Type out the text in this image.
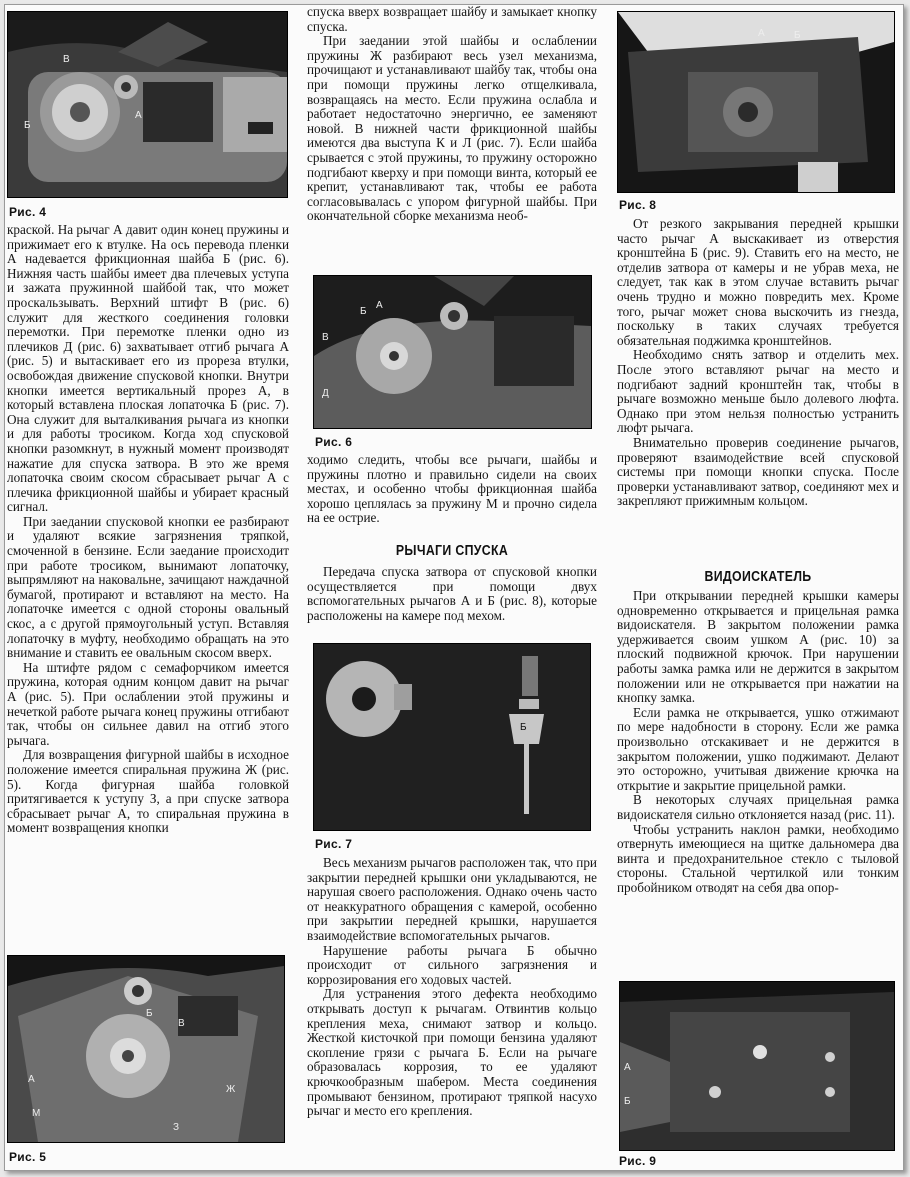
В
А
Б
Рис. 4

краской. На рычаг А давит один конец пружины и прижимает его к втулке. На ось перевода пленки А надевается фрикционная шайба Б (рис. 6). Нижняя часть шайбы имеет два плечевых уступа и зажата пружинной шайбой так, что может проскальзывать. Верхний штифт В (рис. 6) служит для жесткого соединения головки перемотки. При перемотке пленки одно из плечиков Д (рис. 6) захватывает отгиб рычага А (рис. 5) и вытаскивает его из прореза втулки, освобождая движение спусковой кнопки. Внутри кнопки имеется вертикальный прорез А, в который вставлена плоская лопаточка Б (рис. 7). Она служит для выталкивания рычага из кнопки и для работы тросиком. Когда ход спусковой кнопки разомкнут, в нужный момент производят нажатие для спуска затвора. В это же время лопаточка своим скосом сбрасывает рычаг А с плечика фрикционной шайбы и убирает красный сигнал.

При заедании спусковой кнопки ее разбирают и удаляют всякие загрязнения тряпкой, смоченной в бензине. Если заедание происходит при работе тросиком, вынимают лопаточку, выпрямляют на наковальне, зачищают наждачной бумагой, протирают и вставляют на место. На лопаточке имеется с одной стороны овальный скос, а с другой прямоугольный уступ. Вставляя лопаточку в муфту, необходимо обращать на это внимание и ставить ее овальным скосом вверх.

На штифте рядом с семафорчиком имеется пружина, которая одним концом давит на рычаг А (рис. 5). При ослаблении этой пружины и нечеткой работе рычага конец пружины отгибают так, чтобы он сильнее давил на отгиб этого рычага.

Для возвращения фигурной шайбы в исходное положение имеется спиральная пружина Ж (рис. 5). Когда фигурная шайба головкой притягивается к уступу З, а при спуске затвора сбрасывает рычаг А, то спиральная пружина в момент возвращения кнопки

Б
В
А
Ж
М
З
Рис. 5

спуска вверх возвращает шайбу и замыкает кнопку спуска.

При заедании этой шайбы и ослаблении пружины Ж разбирают весь узел механизма, прочищают и устанавливают шайбу так, чтобы она при помощи пружины легко отщелкивала, возвращаясь на место. Если пружина ослабла и работает недостаточно энергично, ее заменяют новой. В нижней части фрикционной шайбы имеются два выступа К и Л (рис. 7). Если шайба срывается с этой пружины, то пружину осторожно подгибают кверху и при помощи винта, который ее крепит, устанавливают так, чтобы ее работа согласовывалась с упором фигурной шайбы. При окончательной сборке механизма необ-

Б
А
В
Д
Рис. 6

ходимо следить, чтобы все рычаги, шайбы и пружины плотно и правильно сидели на своих местах, и особенно чтобы фрикционная шайба хорошо цеплялась за пружину М и прочно сидела на ее острие.

РЫЧАГИ СПУСКА

Передача спуска затвора от спусковой кнопки осуществляется при помощи двух вспомогательных рычагов А и Б (рис. 8), которые расположены на камере под мехом.

Б
Рис. 7

Весь механизм рычагов расположен так, что при закрытии передней крышки они укладываются, не нарушая своего расположения. Однако очень часто от неаккуратного обращения с камерой, особенно при закрытии передней крышки, нарушается взаимодействие вспомогательных рычагов.

Нарушение работы рычага Б обычно происходит от сильного загрязнения и коррозирования его ходовых частей.

Для устранения этого дефекта необходимо открывать доступ к рычагам. Отвинтив кольцо крепления меха, снимают затвор и кольцо. Жесткой кисточкой при помощи бензина удаляют скопление грязи с рычага Б. Если на рычаге образовалась коррозия, то ее удаляют крючкообразным шабером. Места соединения промывают бензином, протирают тряпкой насухо рычаг и место его крепления.

А	Б
Рис. 8

От резкого закрывания передней крышки часто рычаг А выскакивает из отверстия кронштейна Б (рис. 9). Ставить его на место, не отделив затвора от камеры и не убрав меха, не следует, так как в этом случае вставить рычаг очень трудно и можно повредить мех. Кроме того, рычаг может снова выскочить из гнезда, поскольку в таких случаях требуется обязательная поджимка кронштейнов.

Необходимо снять затвор и отделить мех. После этого вставляют рычаг на место и подгибают задний кронштейн так, чтобы в рычаге возможно меньше было долевого люфта. Однако при этом нельзя полностью устранить люфт рычага.

Внимательно проверив соединение рычагов, проверяют взаимодействие всей спусковой системы при помощи кнопки спуска. После проверки устанавливают затвор, соединяют мех и закрепляют прижимным кольцом.

ВИДОИСКАТЕЛЬ

При открывании передней крышки камеры одновременно открывается и прицельная рамка видоискателя. В закрытом положении рамка удерживается своим ушком А (рис. 10) за плоский подвижной крючок. При нарушении работы замка рамка или не держится в закрытом положении или не открывается при нажатии на кнопку замка.

Если рамка не открывается, ушко отжимают по мере надобности в сторону. Если же рамка произвольно отскакивает и не держится в закрытом положении, ушко поджимают. Делают это осторожно, учитывая движение крючка на открытие и закрытие прицельной рамки.

В некоторых случаях прицельная рамка видоискателя сильно отклоняется назад (рис. 11).

Чтобы устранить наклон рамки, необходимо отвернуть имеющиеся на щитке дальномера два винта и предохранительное стекло с тыловой стороны. Стальной чертилкой или тонким пробойником отводят на себя два опор-

А
Б
Рис. 9
